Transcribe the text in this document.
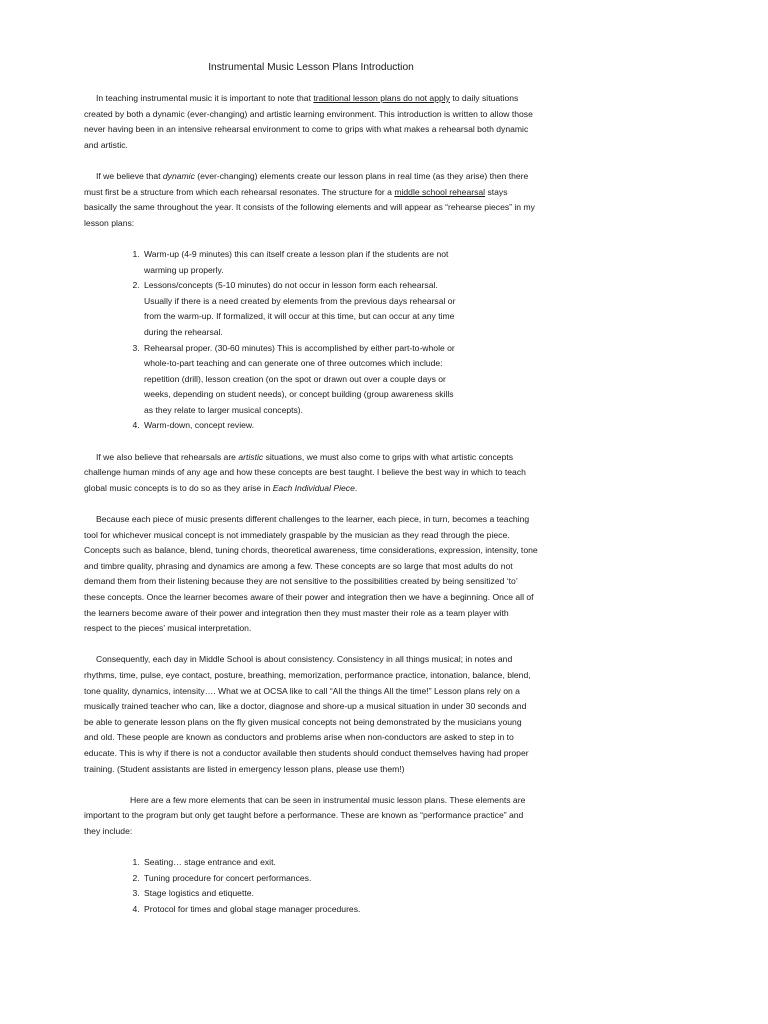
Instrumental Music Lesson Plans Introduction

In teaching instrumental music it is important to note that traditional lesson plans do not apply to daily situations created by both a dynamic (ever-changing) and artistic learning environment. This introduction is written to allow those never having been in an intensive rehearsal environment to come to grips with what makes a rehearsal both dynamic and artistic.

If we believe that dynamic (ever-changing) elements create our lesson plans in real time (as they arise) then there must first be a structure from which each rehearsal resonates. The structure for a middle school rehearsal stays basically the same throughout the year. It consists of the following elements and will appear as “rehearse pieces” in my lesson plans:

1. Warm-up (4-9 minutes) this can itself create a lesson plan if the students are not warming up properly.
2. Lessons/concepts (5-10 minutes) do not occur in lesson form each rehearsal. Usually if there is a need created by elements from the previous days rehearsal or from the warm-up. If formalized, it will occur at this time, but can occur at any time during the rehearsal.
3. Rehearsal proper. (30-60 minutes) This is accomplished by either part-to-whole or whole-to-part teaching and can generate one of three outcomes which include: repetition (drill), lesson creation (on the spot or drawn out over a couple days or weeks, depending on student needs), or concept building (group awareness skills as they relate to larger musical concepts).
4. Warm-down, concept review.

If we also believe that rehearsals are artistic situations, we must also come to grips with what artistic concepts challenge human minds of any age and how these concepts are best taught. I believe the best way in which to teach global music concepts is to do so as they arise in Each Individual Piece.

Because each piece of music presents different challenges to the learner, each piece, in turn, becomes a teaching tool for whichever musical concept is not immediately graspable by the musician as they read through the piece. Concepts such as balance, blend, tuning chords, theoretical awareness, time considerations, expression, intensity, tone and timbre quality, phrasing and dynamics are among a few. These concepts are so large that most adults do not demand them from their listening because they are not sensitive to the possibilities created by being sensitized ‘to’ these concepts. Once the learner becomes aware of their power and integration then we have a beginning. Once all of the learners become aware of their power and integration then they must master their role as a team player with respect to the pieces’ musical interpretation.

Consequently, each day in Middle School is about consistency. Consistency in all things musical; in notes and rhythms, time, pulse, eye contact, posture, breathing, memorization, performance practice, intonation, balance, blend, tone quality, dynamics, intensity…. What we at OCSA like to call “All the things All the time!” Lesson plans rely on a musically trained teacher who can, like a doctor, diagnose and shore-up a musical situation in under 30 seconds and be able to generate lesson plans on the fly given musical concepts not being demonstrated by the musicians young and old. These people are known as conductors and problems arise when non-conductors are asked to step in to educate. This is why if there is not a conductor available then students should conduct themselves having had proper training. (Student assistants are listed in emergency lesson plans, please use them!)

Here are a few more elements that can be seen in instrumental music lesson plans. These elements are important to the program but only get taught before a performance. These are known as “performance practice” and they include:

1. Seating… stage entrance and exit.
2. Tuning procedure for concert performances.
3. Stage logistics and etiquette.
4. Protocol for times and global stage manager procedures.
